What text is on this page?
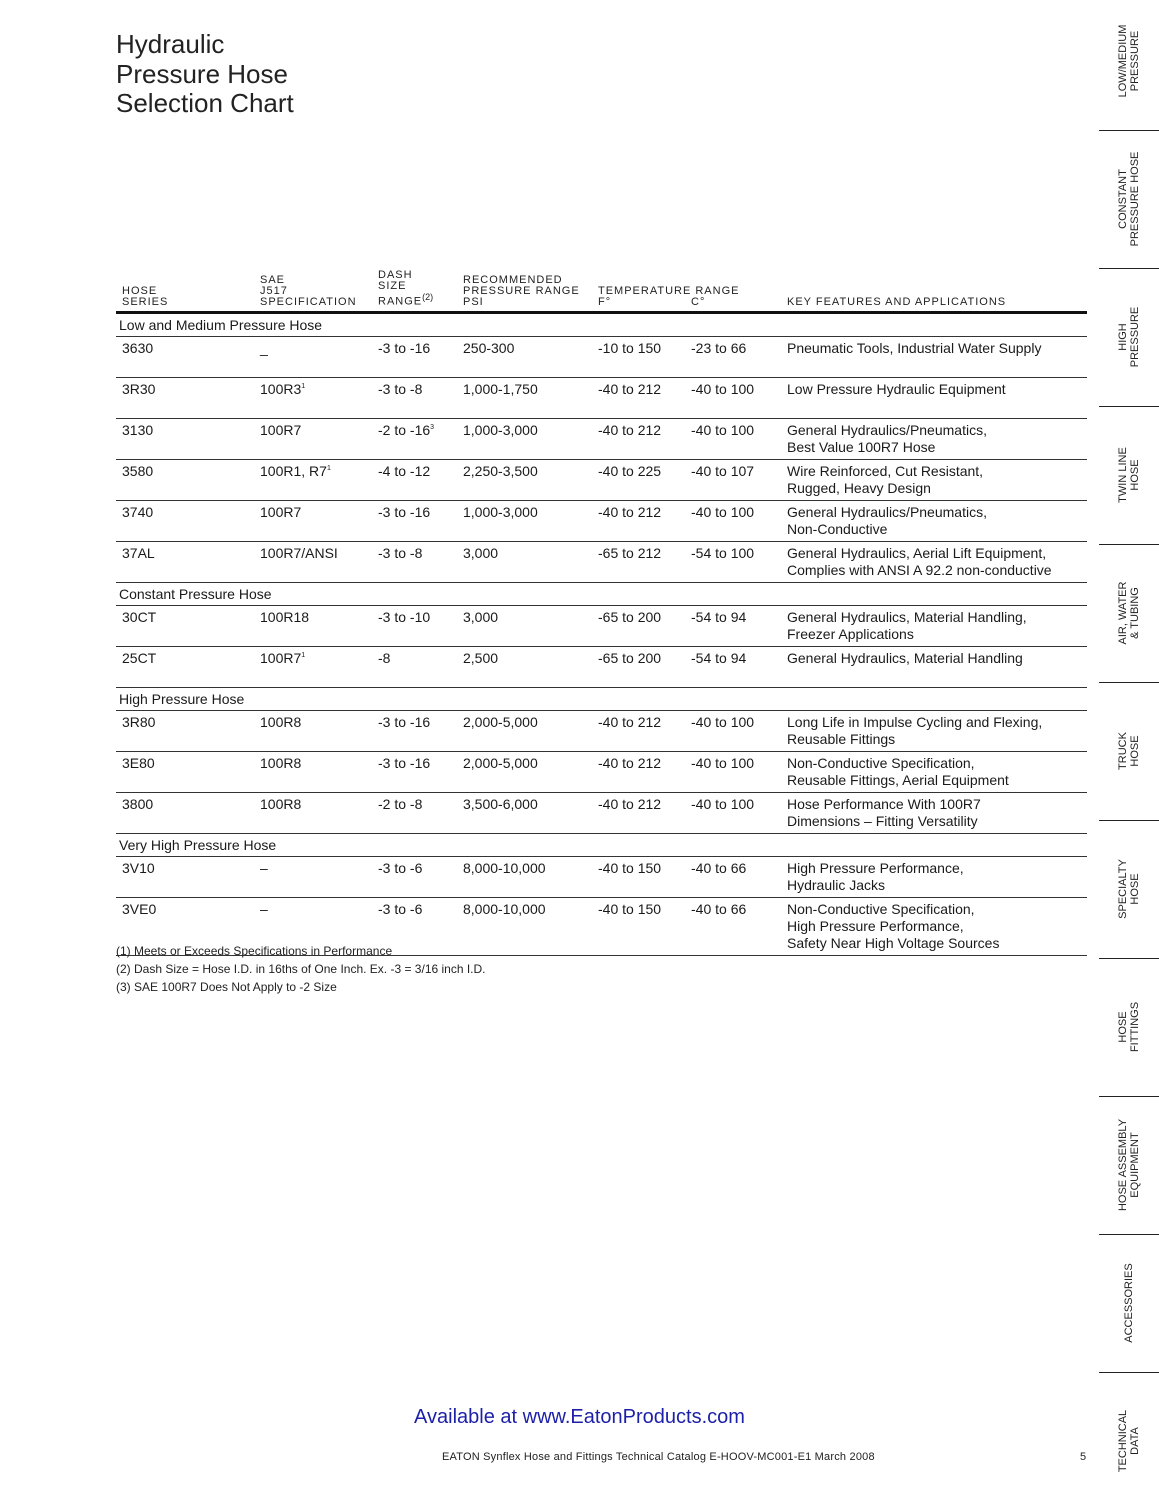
Hydraulic
Pressure Hose
Selection Chart
HOSE
SERIES	SAE
J517
SPECIFICATION	DASH
SIZE
RANGE$^{(2)}$	RECOMMENDED
PRESSURE RANGE
PSI	TEMPERATURE RANGE
F°	C°	KEY FEATURES AND APPLICATIONS

Low and Medium Pressure Hose						
3630	_	-3 to -16	250-300	-10 to 150	-23 to 66	Pneumatic Tools, Industrial Water Supply

3R30	$100R3^1$	-3 to -8	1,000-1,750	-40 to 212	-40 to 100	Low Pressure Hydraulic Equipment

3130	100R7	-2 to $-16^3$	1,000-3,000	-40 to 212	-40 to 100	General Hydraulics/Pneumatics,
Best Value 100R7 Hose

3580	100R1, $R7^1$	-4 to -12	2,250-3,500	-40 to 225	-40 to 107	Wire Reinforced, Cut Resistant,
Rugged, Heavy Design

3740	100R7	-3 to -16	1,000-3,000	-40 to 212	-40 to 100	General Hydraulics/Pneumatics,
Non-Conductive

37AL	100R7/ANSI	-3 to -8	3,000	-65 to 212	-54 to 100	General Hydraulics, Aerial Lift Equipment,
Complies with ANSI A 92.2 non-conductive

Constant Pressure Hose						
30CT	100R18	-3 to -10	3,000	-65 to 200	-54 to 94	General Hydraulics, Material Handling,
Freezer Applications

25CT	$100R7^1$	-8	2,500	-65 to 200	-54 to 94	General Hydraulics, Material Handling

High Pressure Hose						
3R80	100R8	-3 to -16	2,000-5,000	-40 to 212	-40 to 100	Long Life in Impulse Cycling and Flexing,
Reusable Fittings

3E80	100R8	-3 to -16	2,000-5,000	-40 to 212	-40 to 100	Non-Conductive Specification,
Reusable Fittings, Aerial Equipment

3800	100R8	-2 to -8	3,500-6,000	-40 to 212	-40 to 100	Hose Performance With 100R7
Dimensions – Fitting Versatility

Very High Pressure Hose						
3V10	–	-3 to -6	8,000-10,000	-40 to 150	-40 to 66	High Pressure Performance,
Hydraulic Jacks

3VE0	–	-3 to -6	8,000-10,000	-40 to 150	-40 to 66	Non-Conductive Specification,
High Pressure Performance,
Safety Near High Voltage Sources
(1) Meets or Exceeds Specifications in Performance
(2) Dash Size = Hose I.D. in 16ths of One Inch. Ex. -3 = 3/16 inch I.D.
(3) SAE 100R7 Does Not Apply to -2 Size
LOW/MEDIUM PRESSURE
CONSTANT PRESSURE HOSE
HIGH PRESSURE
TWIN LINE HOSE
AIR, WATER & TUBING
TRUCK HOSE
SPECIALTY HOSE
HOSE FITTINGS
HOSE ASSEMBLY EQUIPMENT
ACCESSORIES
TECHNICAL DATA
Available at www.EatonProducts.com
EATON Synflex Hose and Fittings Technical Catalog E-HOOV-MC001-E1 March 2008	5
